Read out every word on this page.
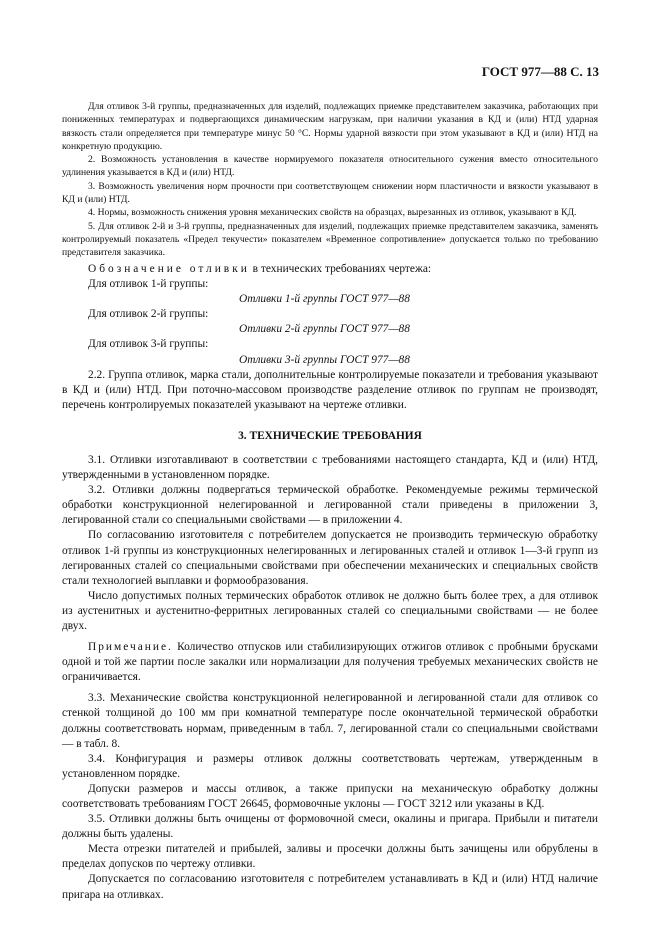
ГОСТ 977—88 С. 13

Для отливок 3-й группы, предназначенных для изделий, подлежащих приемке представителем заказчика, работающих при пониженных температурах и подвергающихся динамическим нагрузкам, при наличии указания в КД и (или) НТД ударная вязкость стали определяется при температуре минус 50 °С. Нормы ударной вязкости при этом указывают в КД и (или) НТД на конкретную продукцию.

2. Возможность установления в качестве нормируемого показателя относительного сужения вместо относительного удлинения указывается в КД и (или) НТД.

3. Возможность увеличения норм прочности при соответствующем снижении норм пластичности и вязкости указывают в КД и (или) НТД.

4. Нормы, возможность снижения уровня механических свойств на образцах, вырезанных из отливок, указывают в КД.

5. Для отливок 2-й и 3-й группы, предназначенных для изделий, подлежащих приемке представителем заказчика, заменять контролируемый показатель «Предел текучести» показателем «Временное сопротивление» допускается только по требованию представителя заказчика.

Обозначение отливки в технических требованиях чертежа:

Для отливок 1-й группы:

Отливки 1-й группы ГОСТ 977—88

Для отливок 2-й группы:

Отливки 2-й группы ГОСТ 977—88

Для отливок 3-й группы:

Отливки 3-й группы ГОСТ 977—88

2.2. Группа отливок, марка стали, дополнительные контролируемые показатели и требования указывают в КД и (или) НТД. При поточно-массовом производстве разделение отливок по группам не производят, перечень контролируемых показателей указывают на чертеже отливки.

3. ТЕХНИЧЕСКИЕ ТРЕБОВАНИЯ

3.1. Отливки изготавливают в соответствии с требованиями настоящего стандарта, КД и (или) НТД, утвержденными в установленном порядке.

3.2. Отливки должны подвергаться термической обработке. Рекомендуемые режимы термической обработки конструкционной нелегированной и легированной стали приведены в приложении 3, легированной стали со специальными свойствами — в приложении 4.

По согласованию изготовителя с потребителем допускается не производить термическую обработку отливок 1-й группы из конструкционных нелегированных и легированных сталей и отливок 1—3-й групп из легированных сталей со специальными свойствами при обеспечении механических и специальных свойств стали технологией выплавки и формообразования.

Число допустимых полных термических обработок отливок не должно быть более трех, а для отливок из аустенитных и аустенитно-ферритных легированных сталей со специальными свойствами — не более двух.

Примечание. Количество отпусков или стабилизирующих отжигов отливок с пробными брусками одной и той же партии после закалки или нормализации для получения требуемых механических свойств не ограничивается.

3.3. Механические свойства конструкционной нелегированной и легированной стали для отливок со стенкой толщиной до 100 мм при комнатной температуре после окончательной термической обработки должны соответствовать нормам, приведенным в табл. 7, легированной стали со специальными свойствами — в табл. 8.

3.4. Конфигурация и размеры отливок должны соответствовать чертежам, утвержденным в установленном порядке.

Допуски размеров и массы отливок, а также припуски на механическую обработку должны соответствовать требованиям ГОСТ 26645, формовочные уклоны — ГОСТ 3212 или указаны в КД.

3.5. Отливки должны быть очищены от формовочной смеси, окалины и пригара. Прибыли и питатели должны быть удалены.

Места отрезки питателей и прибылей, заливы и просечки должны быть зачищены или обрублены в пределах допусков по чертежу отливки.

Допускается по согласованию изготовителя с потребителем устанавливать в КД и (или) НТД наличие пригара на отливках.
